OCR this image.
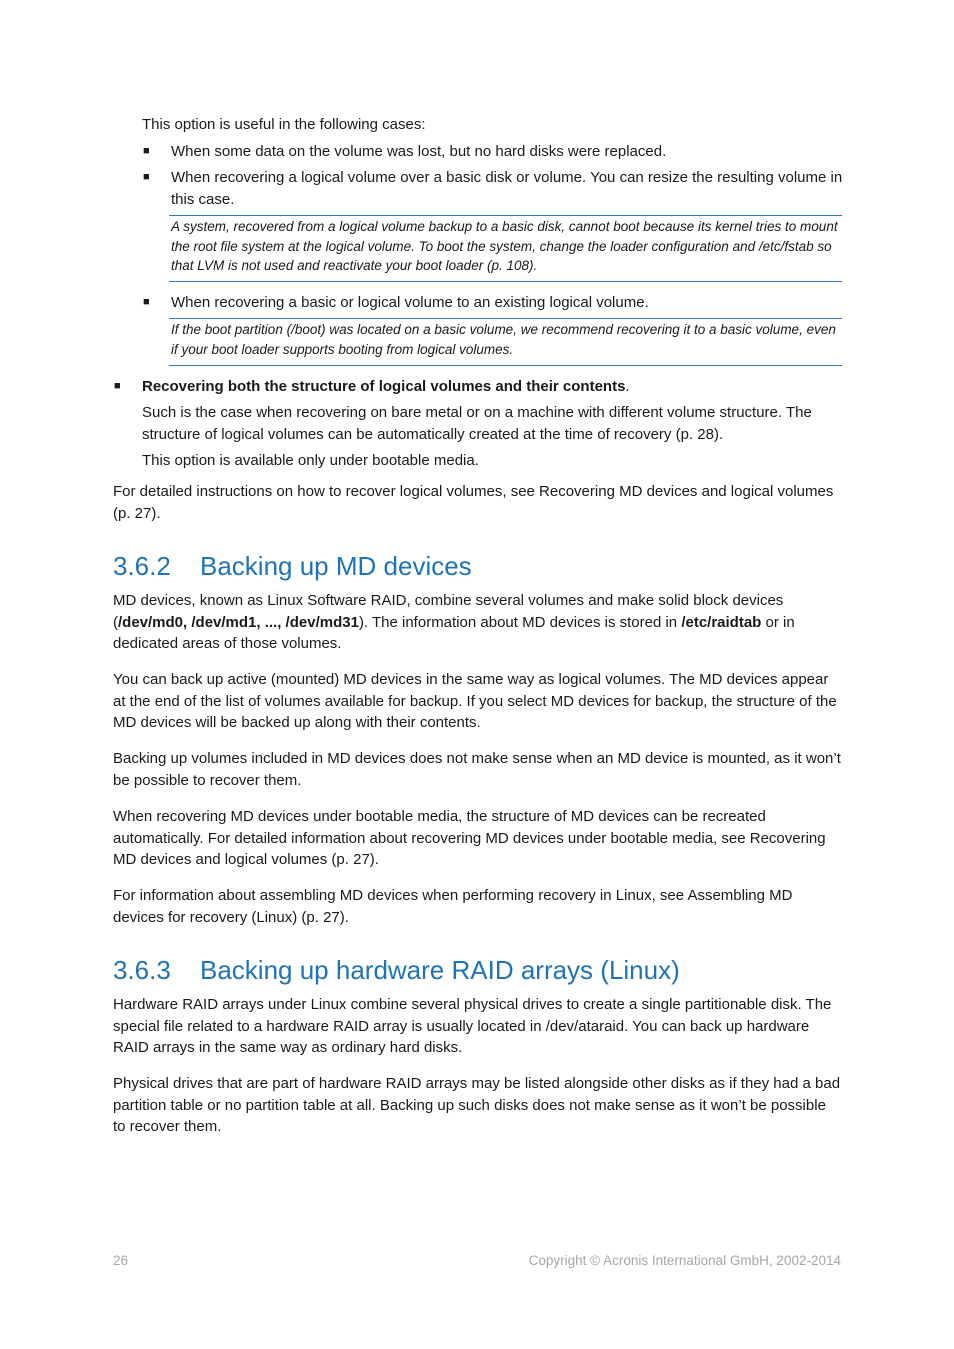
This option is useful in the following cases:

■ When some data on the volume was lost, but no hard disks were replaced.

■ When recovering a logical volume over a basic disk or volume. You can resize the resulting volume in this case.

A system, recovered from a logical volume backup to a basic disk, cannot boot because its kernel tries to mount the root file system at the logical volume. To boot the system, change the loader configuration and /etc/fstab so that LVM is not used and reactivate your boot loader (p. 108).
■ When recovering a basic or logical volume to an existing logical volume.

If the boot partition (/boot) was located on a basic volume, we recommend recovering it to a basic volume, even if your boot loader supports booting from logical volumes.
■ Recovering both the structure of logical volumes and their contents.

Such is the case when recovering on bare metal or on a machine with different volume structure. The structure of logical volumes can be automatically created at the time of recovery (p. 28).

This option is available only under bootable media.

For detailed instructions on how to recover logical volumes, see Recovering MD devices and logical volumes (p. 27).

3.6.2 Backing up MD devices

MD devices, known as Linux Software RAID, combine several volumes and make solid block devices (/dev/md0, /dev/md1, ..., /dev/md31). The information about MD devices is stored in /etc/raidtab or in dedicated areas of those volumes.

You can back up active (mounted) MD devices in the same way as logical volumes. The MD devices appear at the end of the list of volumes available for backup. If you select MD devices for backup, the structure of the MD devices will be backed up along with their contents.

Backing up volumes included in MD devices does not make sense when an MD device is mounted, as it won’t be possible to recover them.

When recovering MD devices under bootable media, the structure of MD devices can be recreated automatically. For detailed information about recovering MD devices under bootable media, see Recovering MD devices and logical volumes (p. 27).

For information about assembling MD devices when performing recovery in Linux, see Assembling MD devices for recovery (Linux) (p. 27).

3.6.3 Backing up hardware RAID arrays (Linux)

Hardware RAID arrays under Linux combine several physical drives to create a single partitionable disk. The special file related to a hardware RAID array is usually located in /dev/ataraid. You can back up hardware RAID arrays in the same way as ordinary hard disks.

Physical drives that are part of hardware RAID arrays may be listed alongside other disks as if they had a bad partition table or no partition table at all. Backing up such disks does not make sense as it won’t be possible to recover them.

26	Copyright © Acronis International GmbH, 2002-2014
